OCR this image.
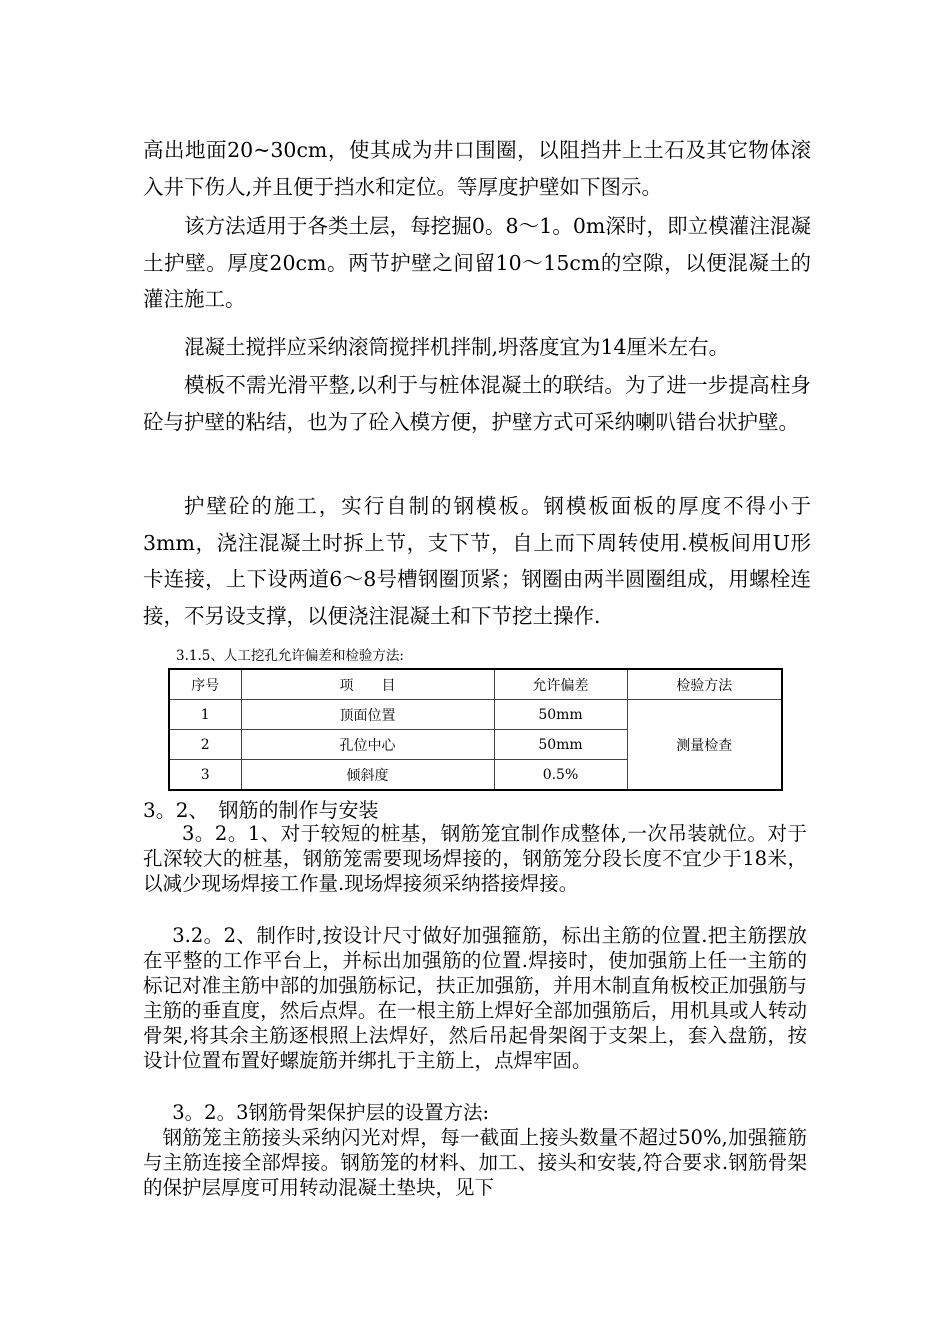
高出地面20~30cm，使其成为井口围圈，以阻挡井上土石及其它物体滚入井下伤人,并且便于挡水和定位。等厚度护壁如下图示。

该方法适用于各类土层，每挖掘0。8～1。0m深时，即立模灌注混凝土护壁。厚度20cm。两节护壁之间留10～15cm的空隙，以便混凝土的灌注施工。

混凝土搅拌应采纳滚筒搅拌机拌制,坍落度宜为14厘米左右。

模板不需光滑平整,以利于与桩体混凝土的联结。为了进一步提高柱身砼与护壁的粘结，也为了砼入模方便，护壁方式可采纳喇叭错台状护壁。

护壁砼的施工，实行自制的钢模板。钢模板面板的厚度不得小于3mm，浇注混凝土时拆上节，支下节，自上而下周转使用.模板间用U形卡连接，上下设两道6～8号槽钢圈顶紧；钢圈由两半圆圈组成，用螺栓连接，不另设支撑，以便浇注混凝土和下节挖土操作.

3.1.5、人工挖孔允许偏差和检验方法:
序号	项　　目	允许偏差	检验方法
1	顶面位置	50mm	测量检查
2	孔位中心	50mm	
3	倾斜度	0.5%	
3。2、　钢筋的制作与安装

3。2。1、对于较短的桩基，钢筋笼宜制作成整体,一次吊装就位。对于孔深较大的桩基，钢筋笼需要现场焊接的，钢筋笼分段长度不宜少于18米，以减少现场焊接工作量.现场焊接须采纳搭接焊接。

3.2。2、制作时,按设计尺寸做好加强箍筋，标出主筋的位置.把主筋摆放在平整的工作平台上，并标出加强筋的位置.焊接时，使加强筋上任一主筋的标记对准主筋中部的加强筋标记，扶正加强筋，并用木制直角板校正加强筋与主筋的垂直度，然后点焊。在一根主筋上焊好全部加强筋后，用机具或人转动骨架,将其余主筋逐根照上法焊好，然后吊起骨架阁于支架上，套入盘筋，按设计位置布置好螺旋筋并绑扎于主筋上，点焊牢固。

3。2。3钢筋骨架保护层的设置方法:

钢筋笼主筋接头采纳闪光对焊，每一截面上接头数量不超过50%,加强箍筋与主筋连接全部焊接。钢筋笼的材料、加工、接头和安装,符合要求.钢筋骨架的保护层厚度可用转动混凝土垫块，见下
